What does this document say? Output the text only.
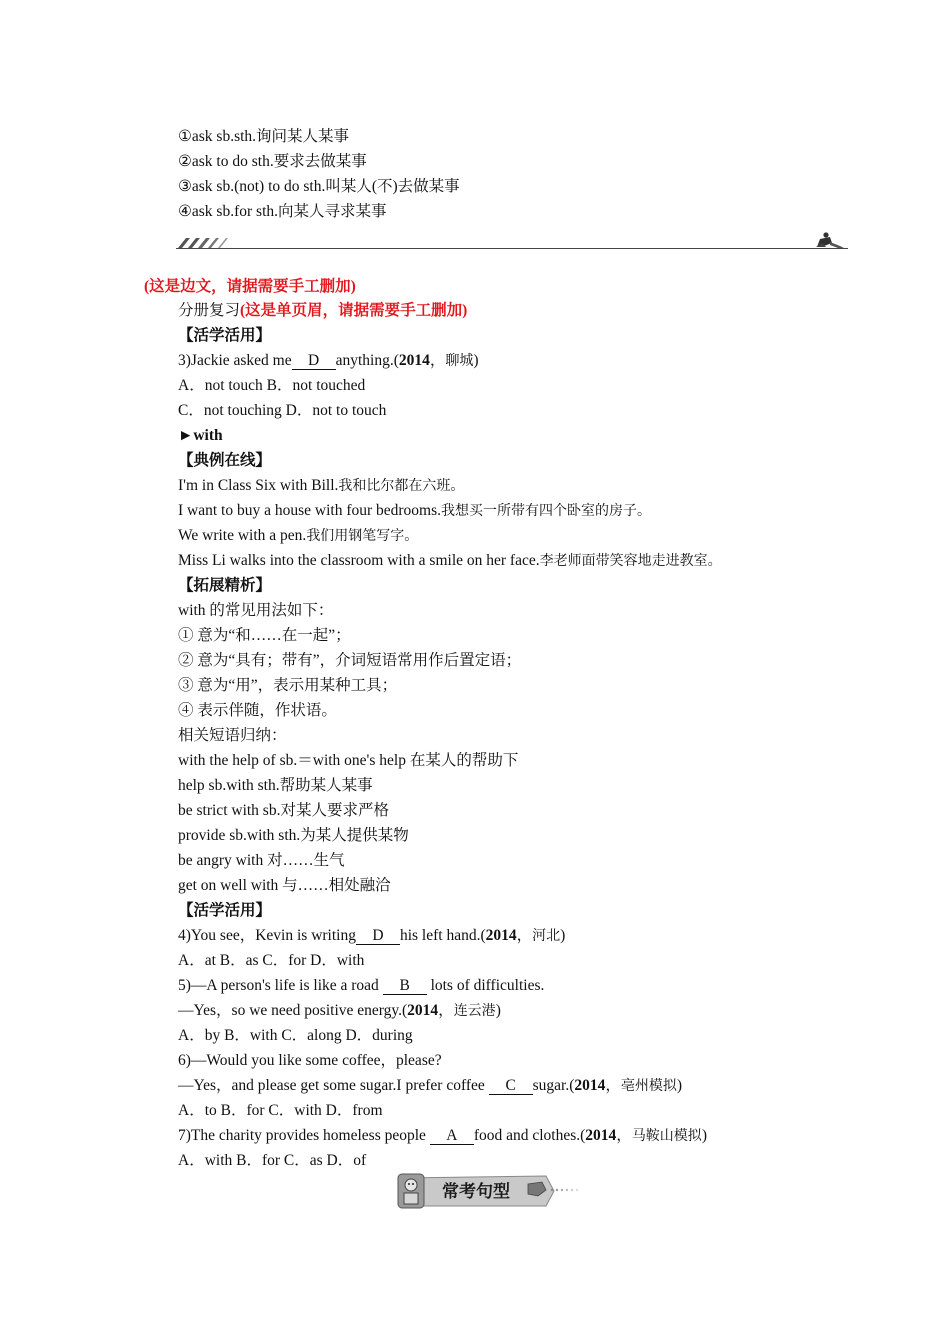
①ask sb.sth.询问某人某事
②ask to do sth.要求去做某事
③ask sb.(not) to do sth.叫某人(不)去做某事
④ask sb.for sth.向某人寻求某事
(这是边文，请据需要手工删加)
分册复习(这是单页眉，请据需要手工删加)
【活学活用】
3)Jackie asked me D anything.(2014，聊城)
A．not touch B．not touched
C．not touching D．not to touch
►with
【典例在线】
I'm in Class Six with Bill.我和比尔都在六班。
I want to buy a house with four bedrooms.我想买一所带有四个卧室的房子。
We write with a pen.我们用钢笔写字。
Miss Li walks into the classroom with a smile on her face.李老师面带笑容地走进教室。
【拓展精析】
with 的常见用法如下：
① 意为“和……在一起”；
② 意为“具有；带有”，介词短语常用作后置定语；
③ 意为“用”，表示用某种工具；
④ 表示伴随，作状语。
相关短语归纳：
with the help of sb.＝with one's help 在某人的帮助下
help sb.with sth.帮助某人某事
be strict with sb.对某人要求严格
provide sb.with sth.为某人提供某物
be angry with 对……生气
get on well with 与……相处融洽
【活学活用】
4)You see，Kevin is writing D his left hand.(2014，河北)
A．at B．as C．for D．with
5)—A person's life is like a road B lots of difficulties.
—Yes，so we need positive energy.(2014，连云港)
A．by B．with C．along D．during
6)—Would you like some coffee，please?
—Yes，and please get some sugar.I prefer coffee C sugar.(2014，亳州模拟)
A．to B．for C．with D．from
7)The charity provides homeless people A food and clothes.(2014，马鞍山模拟)
A．with B．for C．as D．of
常考句型
